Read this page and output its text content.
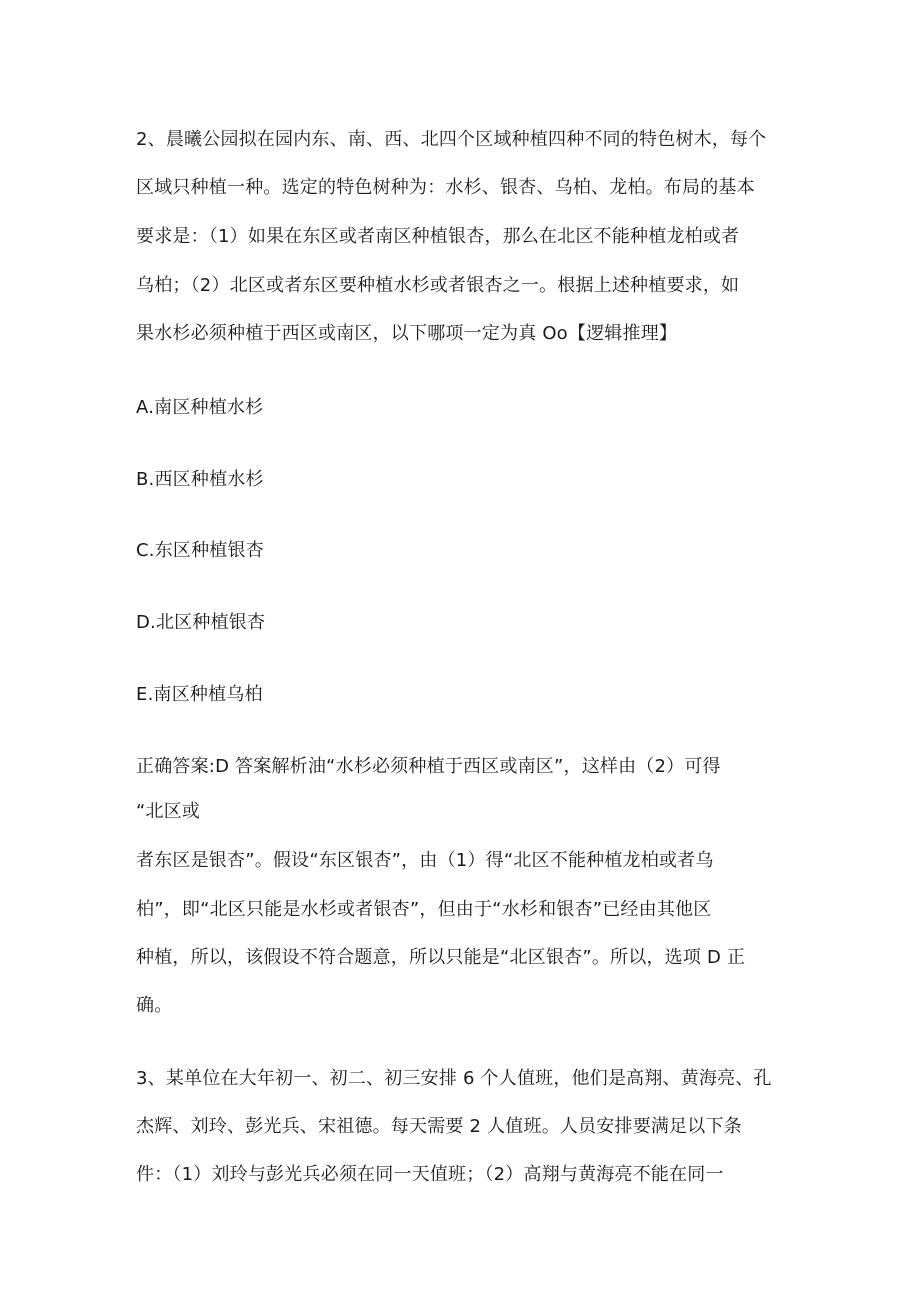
2、晨曦公园拟在园内东、南、西、北四个区域种植四种不同的特色树木，每个
区域只种植一种。选定的特色树种为：水杉、银杏、乌柏、龙柏。布局的基本
要求是：（1）如果在东区或者南区种植银杏，那么在北区不能种植龙柏或者
乌柏；（2）北区或者东区要种植水杉或者银杏之一。根据上述种植要求，如
果水杉必须种植于西区或南区，以下哪项一定为真 Oo【逻辑推理】
A.南区种植水杉
B.西区种植水杉
C.东区种植银杏
D.北区种植银杏
E.南区种植乌柏
正确答案:D 答案解析油“水杉必须种植于西区或南区”，这样由（2）可得
“北区或
者东区是银杏”。假设“东区银杏”，由（1）得“北区不能种植龙柏或者乌
柏”，即“北区只能是水杉或者银杏”，但由于“水杉和银杏”已经由其他区
种植，所以，该假设不符合题意，所以只能是“北区银杏”。所以，选项 D 正
确。
3、某单位在大年初一、初二、初三安排 6 个人值班，他们是高翔、黄海亮、孔
杰辉、刘玲、彭光兵、宋祖德。每天需要 2 人值班。人员安排要满足以下条
件：（1）刘玲与彭光兵必须在同一天值班；（2）高翔与黄海亮不能在同一
